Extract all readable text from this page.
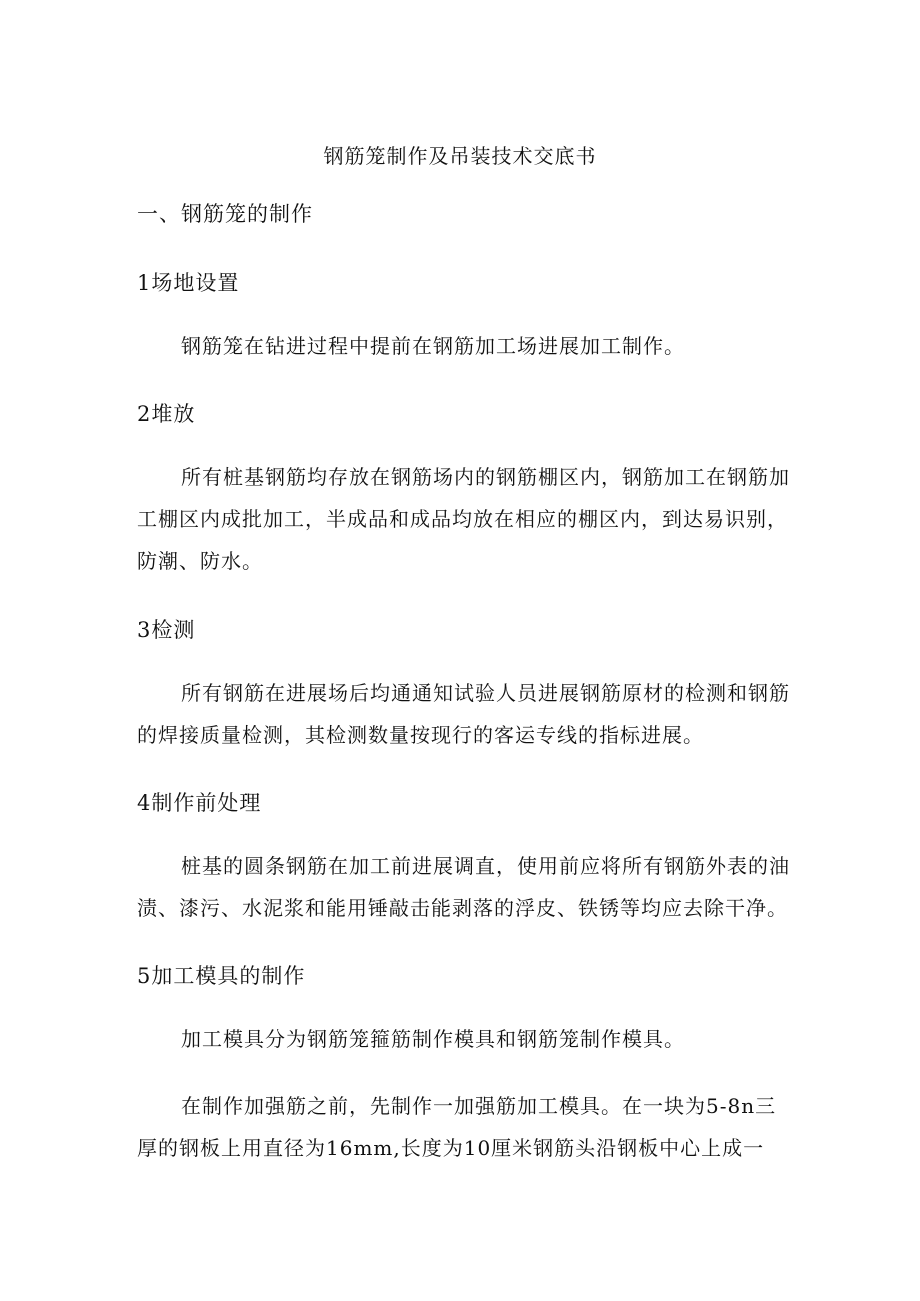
钢筋笼制作及吊装技术交底书
一、钢筋笼的制作
1场地设置
钢筋笼在钻进过程中提前在钢筋加工场进展加工制作。
2堆放
所有桩基钢筋均存放在钢筋场内的钢筋棚区内，钢筋加工在钢筋加工棚区内成批加工，半成品和成品均放在相应的棚区内，到达易识别，防潮、防水。
3检测
所有钢筋在进展场后均通通知试验人员进展钢筋原材的检测和钢筋的焊接质量检测，其检测数量按现行的客运专线的指标进展。
4制作前处理
桩基的圆条钢筋在加工前进展调直，使用前应将所有钢筋外表的油渍、漆污、水泥浆和能用锤敲击能剥落的浮皮、铁锈等均应去除干净。
5加工模具的制作
加工模具分为钢筋笼箍筋制作模具和钢筋笼制作模具。
在制作加强筋之前，先制作一加强筋加工模具。在一块为5-8n三厚的钢板上用直径为16mm,长度为10厘米钢筋头沿钢板中心上成一
